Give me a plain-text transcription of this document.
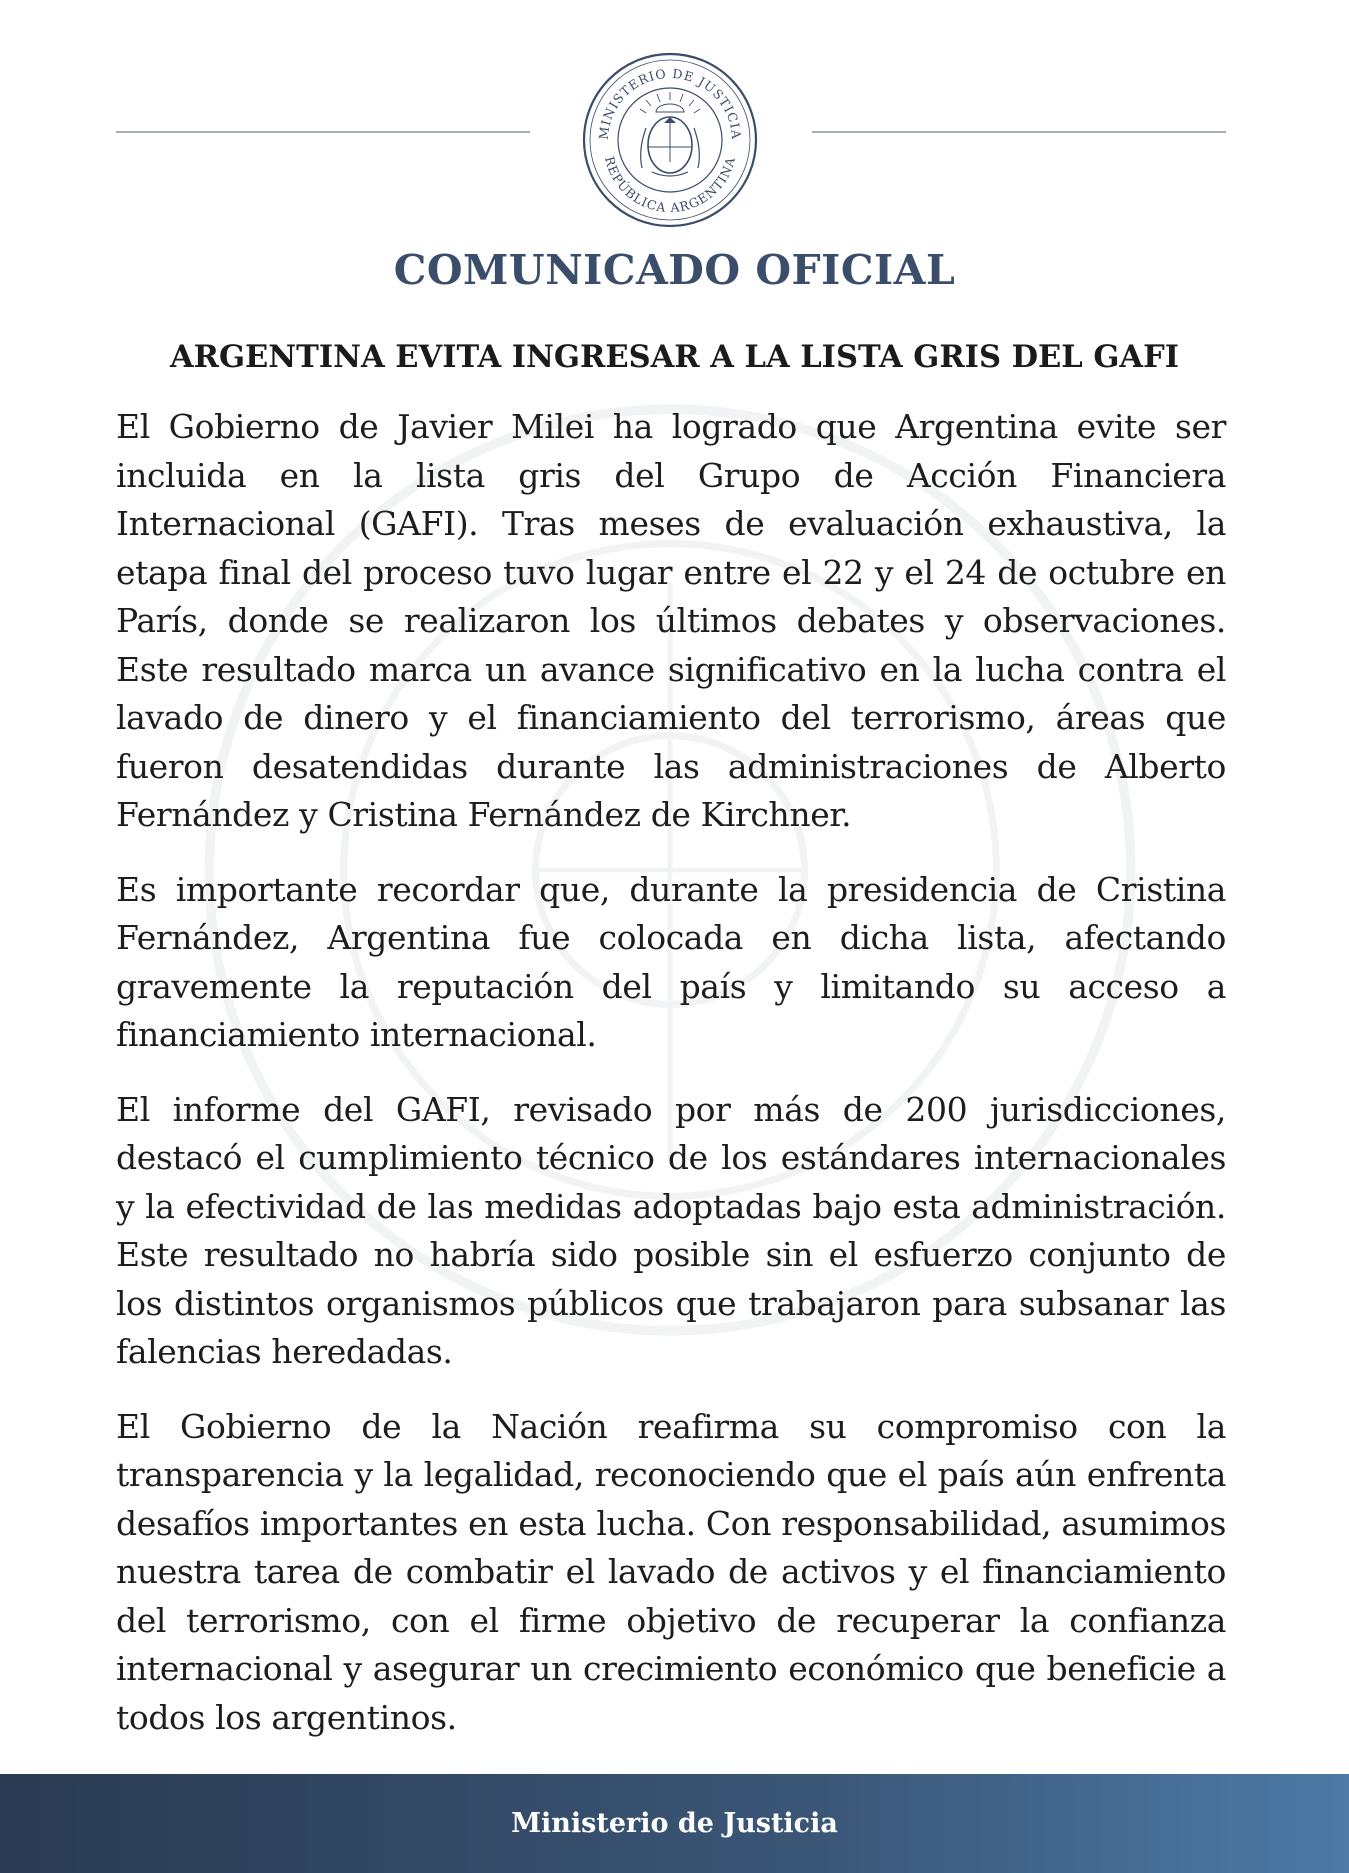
MINISTERIO DE JUSTICIA
REPÚBLICA ARGENTINA
COMUNICADO OFICIAL
ARGENTINA EVITA INGRESAR A LA LISTA GRIS DEL GAFI

El Gobierno de Javier Milei ha logrado que Argentina evite ser incluida en la lista gris del Grupo de Acción Financiera Internacional (GAFI). Tras meses de evaluación exhaustiva, la etapa final del proceso tuvo lugar entre el 22 y el 24 de octubre en París, donde se realizaron los últimos debates y observaciones. Este resultado marca un avance significativo en la lucha contra el lavado de dinero y el financiamiento del terrorismo, áreas que fueron desatendidas durante las administraciones de Alberto Fernández y Cristina Fernández de Kirchner.

Es importante recordar que, durante la presidencia de Cristina Fernández, Argentina fue colocada en dicha lista, afectando gravemente la reputación del país y limitando su acceso a financiamiento internacional.

El informe del GAFI, revisado por más de 200 jurisdicciones, destacó el cumplimiento técnico de los estándares internacionales y la efectividad de las medidas adoptadas bajo esta administración. Este resultado no habría sido posible sin el esfuerzo conjunto de los distintos organismos públicos que trabajaron para subsanar las falencias heredadas.

El Gobierno de la Nación reafirma su compromiso con la transparencia y la legalidad, reconociendo que el país aún enfrenta desafíos importantes en esta lucha. Con responsabilidad, asumimos nuestra tarea de combatir el lavado de activos y el financiamiento del terrorismo, con el firme objetivo de recuperar la confianza internacional y asegurar un crecimiento económico que beneficie a todos los argentinos.

Ministerio de Justicia
